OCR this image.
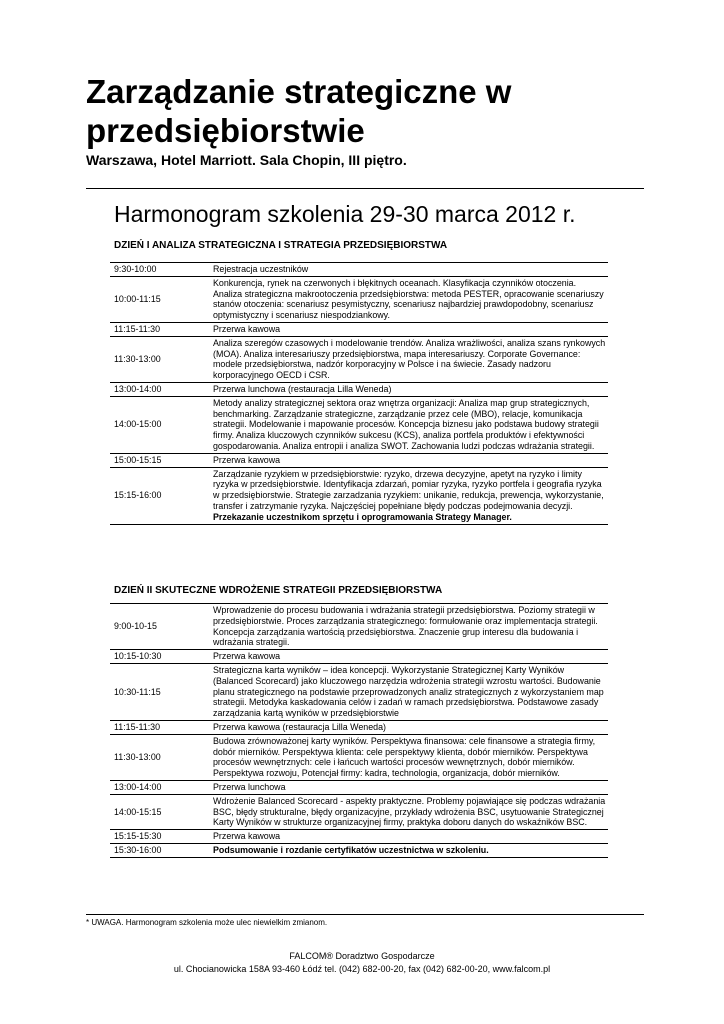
Zarządzanie strategiczne w przedsiębiorstwie
Warszawa, Hotel Marriott. Sala Chopin, III piętro.
Harmonogram szkolenia 29-30 marca 2012 r.
DZIEŃ I ANALIZA STRATEGICZNA I STRATEGIA PRZEDSIĘBIORSTWA
9:30-10:00	Rejestracja uczestników
10:00-11:15	Konkurencja, rynek na czerwonych i błękitnych oceanach. Klasyfikacja czynników otoczenia. Analiza strategiczna makrootoczenia przedsiębiorstwa: metoda PESTER, opracowanie scenariuszy stanów otoczenia: scenariusz pesymistyczny, scenariusz najbardziej prawdopodobny, scenariusz optymistyczny i scenariusz niespodziankowy.
11:15-11:30	Przerwa kawowa
11:30-13:00	Analiza szeregów czasowych i modelowanie trendów. Analiza wrażliwości, analiza szans rynkowych (MOA). Analiza interesariuszy przedsiębiorstwa, mapa interesariuszy. Corporate Governance: modele przedsiębiorstwa, nadzór korporacyjny w Polsce i na świecie. Zasady nadzoru korporacyjnego OECD i CSR.
13:00-14:00	Przerwa lunchowa (restauracja Lilla Weneda)
14:00-15:00	Metody analizy strategicznej sektora oraz wnętrza organizacji: Analiza map grup strategicznych, benchmarking. Zarządzanie strategiczne, zarządzanie przez cele (MBO), relacje, komunikacja strategii. Modelowanie i mapowanie procesów. Koncepcja biznesu jako podstawa budowy strategii firmy. Analiza kluczowych czynników sukcesu (KCS), analiza portfela produktów i efektywności gospodarowania. Analiza entropii i analiza SWOT. Zachowania ludzi podczas wdrażania strategii.
15:00-15:15	Przerwa kawowa
15:15-16:00	Zarządzanie ryzykiem w przedsiębiorstwie: ryzyko, drzewa decyzyjne, apetyt na ryzyko i limity ryzyka w przedsiębiorstwie. Identyfikacja zdarzań, pomiar ryzyka, ryzyko portfela i geografia ryzyka w przedsiębiorstwie. Strategie zarzadzania ryzykiem: unikanie, redukcja, prewencja, wykorzystanie, transfer i zatrzymanie ryzyka. Najczęściej popełniane błędy podczas podejmowania decyzji.
Przekazanie uczestnikom sprzętu i oprogramowania Strategy Manager.
DZIEŃ II SKUTECZNE WDROŻENIE STRATEGII PRZEDSIĘBIORSTWA
9:00-10-15	Wprowadzenie do procesu budowania i wdrażania strategii przedsiębiorstwa. Poziomy strategii w przedsiębiorstwie. Proces zarządzania strategicznego: formułowanie oraz implementacja strategii. Koncepcja zarządzania wartością przedsiębiorstwa. Znaczenie grup interesu dla budowania i wdrażania strategii.
10:15-10:30	Przerwa kawowa
10:30-11:15	Strategiczna karta wyników – idea koncepcji. Wykorzystanie Strategicznej Karty Wyników (Balanced Scorecard) jako kluczowego narzędzia wdrożenia strategii wzrostu wartości. Budowanie planu strategicznego na podstawie przeprowadzonych analiz strategicznych z wykorzystaniem map strategii. Metodyka kaskadowania celów i zadań w ramach przedsiębiorstwa. Podstawowe zasady zarządzania kartą wyników w przedsiębiorstwie
11:15-11:30	Przerwa kawowa (restauracja Lilla Weneda)
11:30-13:00	Budowa zrównoważonej karty wyników. Perspektywa finansowa: cele finansowe a strategia firmy, dobór mierników. Perspektywa klienta: cele perspektywy klienta, dobór mierników. Perspektywa procesów wewnętrznych: cele i łańcuch wartości procesów wewnętrznych, dobór mierników. Perspektywa rozwoju, Potencjał firmy: kadra, technologia, organizacja, dobór mierników.
13:00-14:00	Przerwa lunchowa
14:00-15:15	Wdrożenie Balanced Scorecard - aspekty praktyczne. Problemy pojawiające się podczas wdrażania BSC, błędy strukturalne, błędy organizacyjne, przykłady wdrożenia BSC, usytuowanie Strategicznej Karty Wyników w strukturze organizacyjnej firmy, praktyka doboru danych do wskaźników BSC.
15:15-15:30	Przerwa kawowa
15:30-16:00	Podsumowanie i rozdanie certyfikatów uczestnictwa w szkoleniu.
* UWAGA. Harmonogram szkolenia może ulec niewielkim zmianom.
FALCOM® Doradztwo Gospodarcze
ul. Chocianowicka 158A 93-460 Łódź tel. (042) 682-00-20, fax (042) 682-00-20, www.falcom.pl
